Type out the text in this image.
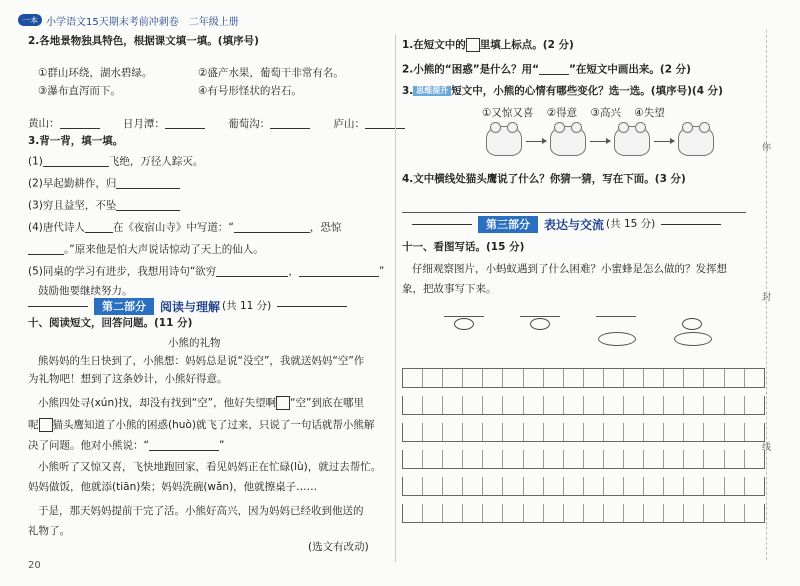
一本 小学语文15天期末考前冲刺卷 二年级上册
2.各地景物独具特色，根据课文填一填。(填序号)
①群山环绕，湖水碧绿。	②盛产水果，葡萄干非常有名。
③瀑布直泻而下。	④有号形怪状的岩石。
黄山：	日月潭：	葡萄沟：	庐山：
3.背一背，填一填。
(1)	飞绝，万径人踪灭。
(2)早起勤耕作，归
(3)穷且益坚，不坠
(4)唐代诗人	在《夜宿山寺》中写道：“	，恐惊
。”原来他是怕大声说话惊动了天上的仙人。
(5)同桌的学习有进步，我想用诗句“欲穷	，	”
鼓励他要继续努力。
第二部分	阅读与理解 (共 11 分)
十、阅读短文，回答问题。(11 分)
小熊的礼物
熊妈妈的生日快到了，小熊想：妈妈总是说“没空”，我就送妈妈“空”作
为礼物吧！想到了这条妙计，小熊好得意。
小熊四处寻(xún)找，却没有找到“空”，他好失望啊 “空”到底在哪里
呢 猫头鹰知道了小熊的困惑(huò)就飞了过来，只说了一句话就帮小熊解
决了问题。他对小熊说：“	”
小熊听了又惊又喜，飞快地跑回家，看见妈妈正在忙碌(lù)，就过去帮忙。
妈妈做饭，他就添(tiān)柴；妈妈洗碗(wǎn)，他就擦桌子……
于是，那天妈妈提前干完了活。小熊好高兴，因为妈妈已经收到他送的
礼物了。
(选文有改动)
20
1.在短文中的 里填上标点。(2 分)
2.小熊的“困惑”是什么？用“	”在短文中画出来。(2 分)
3. 思维提升 短文中，小熊的心情有哪些变化？选一选。(填序号)(4 分)
①又惊又喜 ②得意 ③高兴 ④失望
4.文中横线处猫头鹰说了什么？你猜一猜，写在下面。(3 分)
第三部分	表达与交流 (共 15 分)
十一、看图写话。(15 分)
仔细观察图片，小蚂蚁遇到了什么困难？小蜜蜂是怎么做的？发挥想
象，把故事写下来。
你
封
线
